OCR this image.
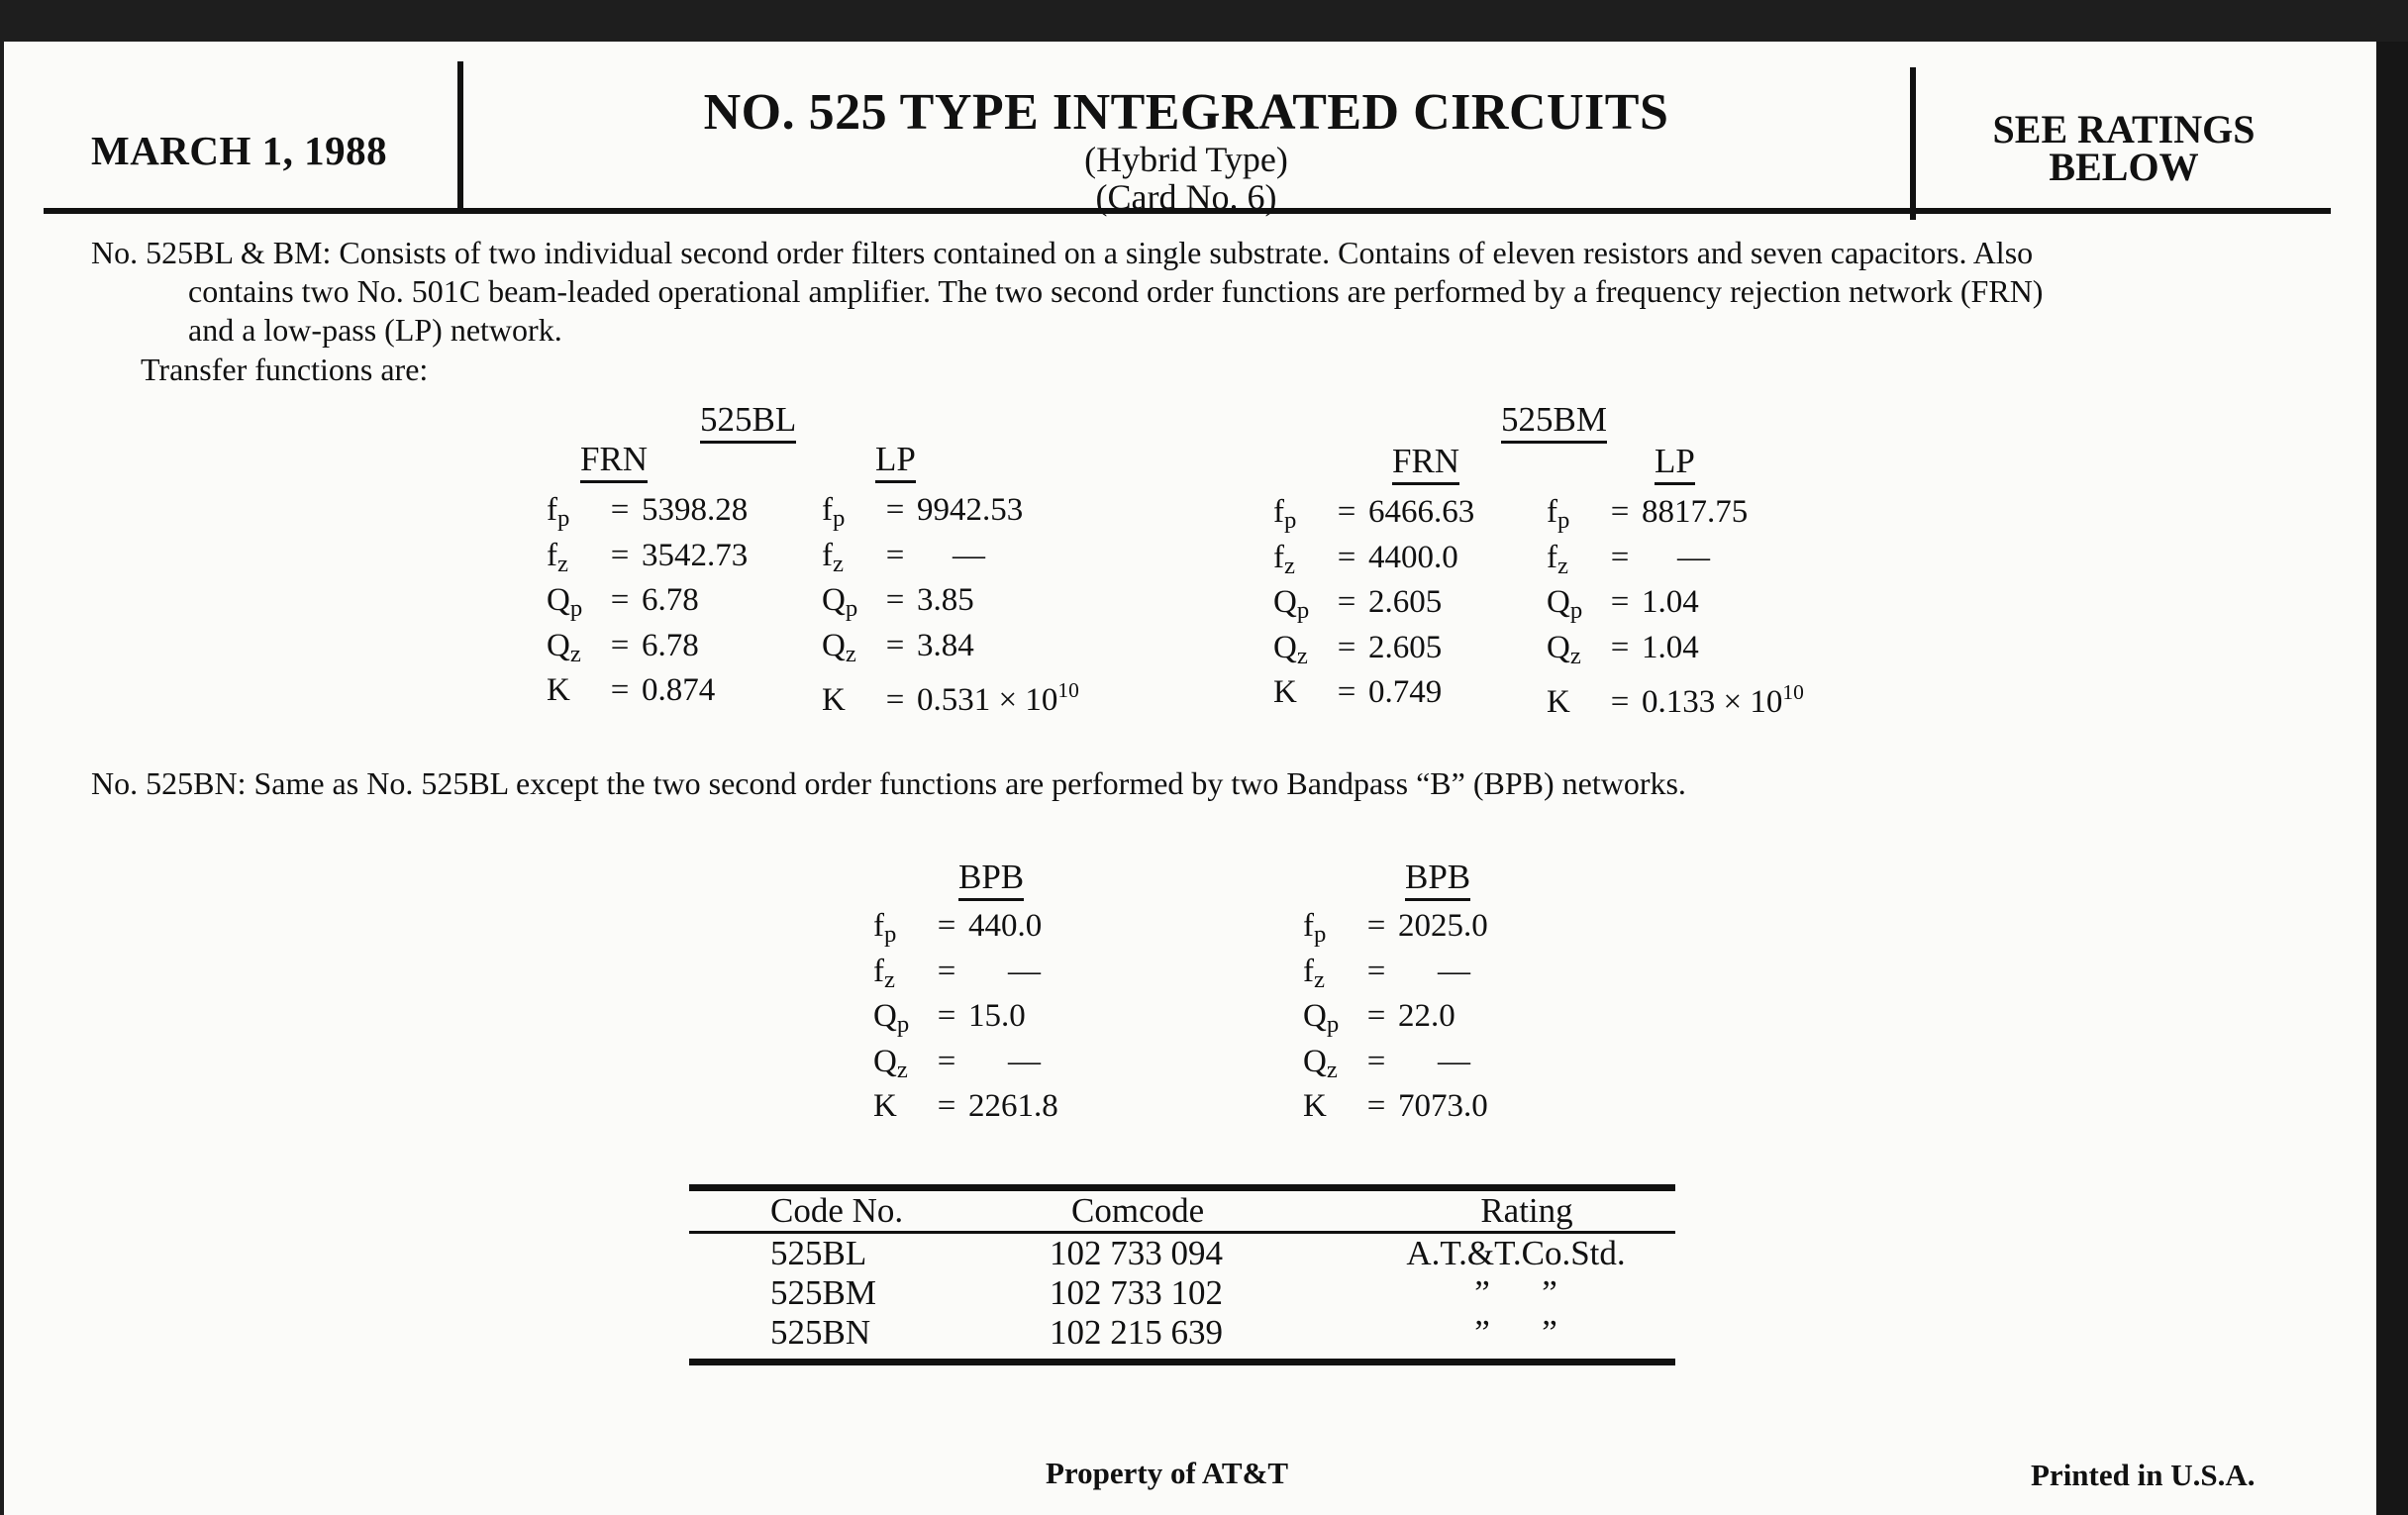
MARCH 1, 1988
NO. 525 TYPE INTEGRATED CIRCUITS
(Hybrid Type)
(Card No. 6)
SEE RATINGS BELOW
No. 525BL & BM: Consists of two individual second order filters contained on a single substrate. Contains of eleven resistors and seven capacitors. Also
contains two No. 501C beam-leaded operational amplifier. The two second order functions are performed by a frequency rejection network (FRN)
and a low-pass (LP) network.
Transfer functions are:
525BL
FRN	LP
$f_p = 5398.28$
$f_z = 3542.73$
$Q_p = 6.78$
$Q_z = 6.78$
K = 0.874
$f_p = 9942.53$
$f_z$ = —
$Q_p = 3.85$
$Q_z = 3.84$
$K = 0.531 \times 10^{10}$
525BM
FRN	LP
$f_p = 6466.63$
$f_z = 4400.0$
$Q_p = 2.605$
$Q_z = 2.605$
K = 0.749
$f_p = 8817.75$
$f_z$ = —
$Q_p = 1.04$
$Q_z = 1.04$
$K = 0.133 \times 10^{10}$
No. 525BN: Same as No. 525BL except the two second order functions are performed by two Bandpass “B” (BPB) networks.
BPB	BPB
$f_p = 440.0$
$f_z$ = —
$Q_p = 15.0$
$Q_z$ = —
K = 2261.8
$f_p = 2025.0$
$f_z$ = —
$Q_p = 22.0$
$Q_z$ = —
K = 7073.0
Code No.	Comcode	Rating
525BL	102 733 094	A.T.&T.Co.Std.
525BM	102 733 102	”      ”
525BN	102 215 639	”      ”
Property of AT&T	Printed in U.S.A.
